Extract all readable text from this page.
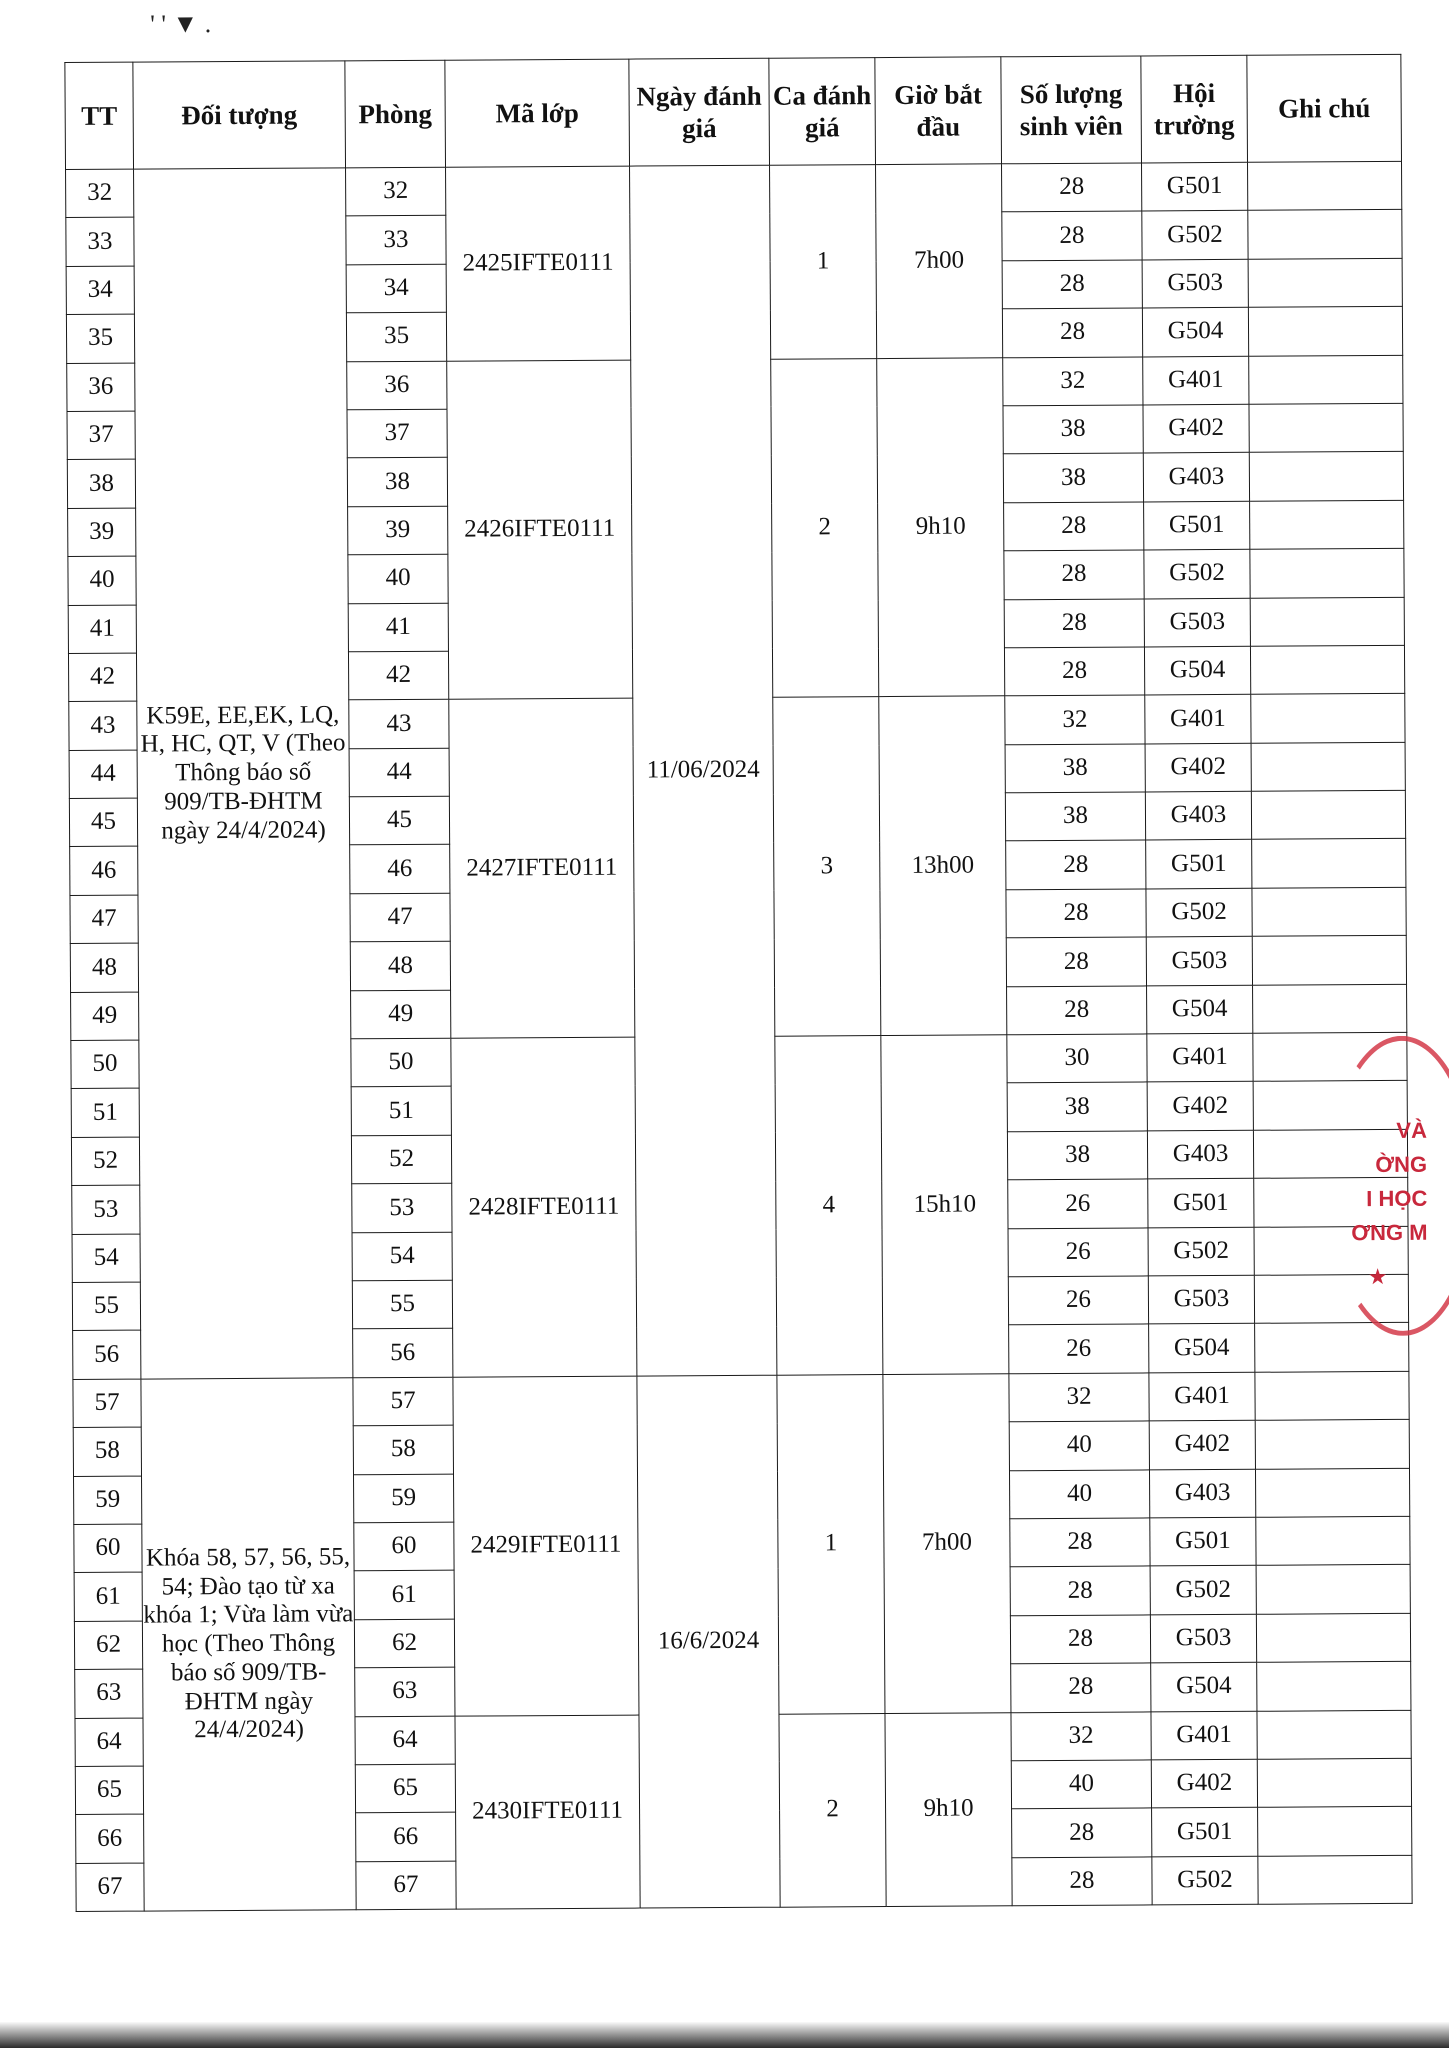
' ' ▼ .
TT	Đối tượng	Phòng	Mã lớp	Ngày đánh giá	Ca đánh giá	Giờ bắt đầu	Số lượng sinh viên	Hội trường	Ghi chú
32	K59E, EE,EK, LQ, H, HC, QT, V (Theo Thông báo số 909/TB-ĐHTM ngày 24/4/2024)	32	2425IFTE0111	11/06/2024	1	7h00	28	G501	
33		33					28	G502	
34		34					28	G503	
35		35					28	G504	
36		36	2426IFTE0111		2	9h10	32	G401	
37		37					38	G402	
38		38					38	G403	
39		39					28	G501	
40		40					28	G502	
41		41					28	G503	
42		42					28	G504	
43		43	2427IFTE0111		3	13h00	32	G401	
44		44					38	G402	
45		45					38	G403	
46		46					28	G501	
47		47					28	G502	
48		48					28	G503	
49		49					28	G504	
50		50	2428IFTE0111		4	15h10	30	G401	
51		51					38	G402	
52		52					38	G403	
53		53					26	G501	
54		54					26	G502	
55		55					26	G503	
56		56					26	G504	
57	Khóa 58, 57, 56, 55, 54; Đào tạo từ xa khóa 1; Vừa làm vừa học (Theo Thông báo số 909/TB-ĐHTM ngày 24/4/2024)	57	2429IFTE0111	16/6/2024	1	7h00	32	G401	
58		58					40	G402	
59		59					40	G403	
60		60					28	G501	
61		61					28	G502	
62		62					28	G503	
63		63					28	G504	
64		64	2430IFTE0111		2	9h10	32	G401	
65		65					40	G402	
66		66					28	G501	
67		67					28	G502	
VÀ
ỜNG
I HỌC
ƠNG M
★
